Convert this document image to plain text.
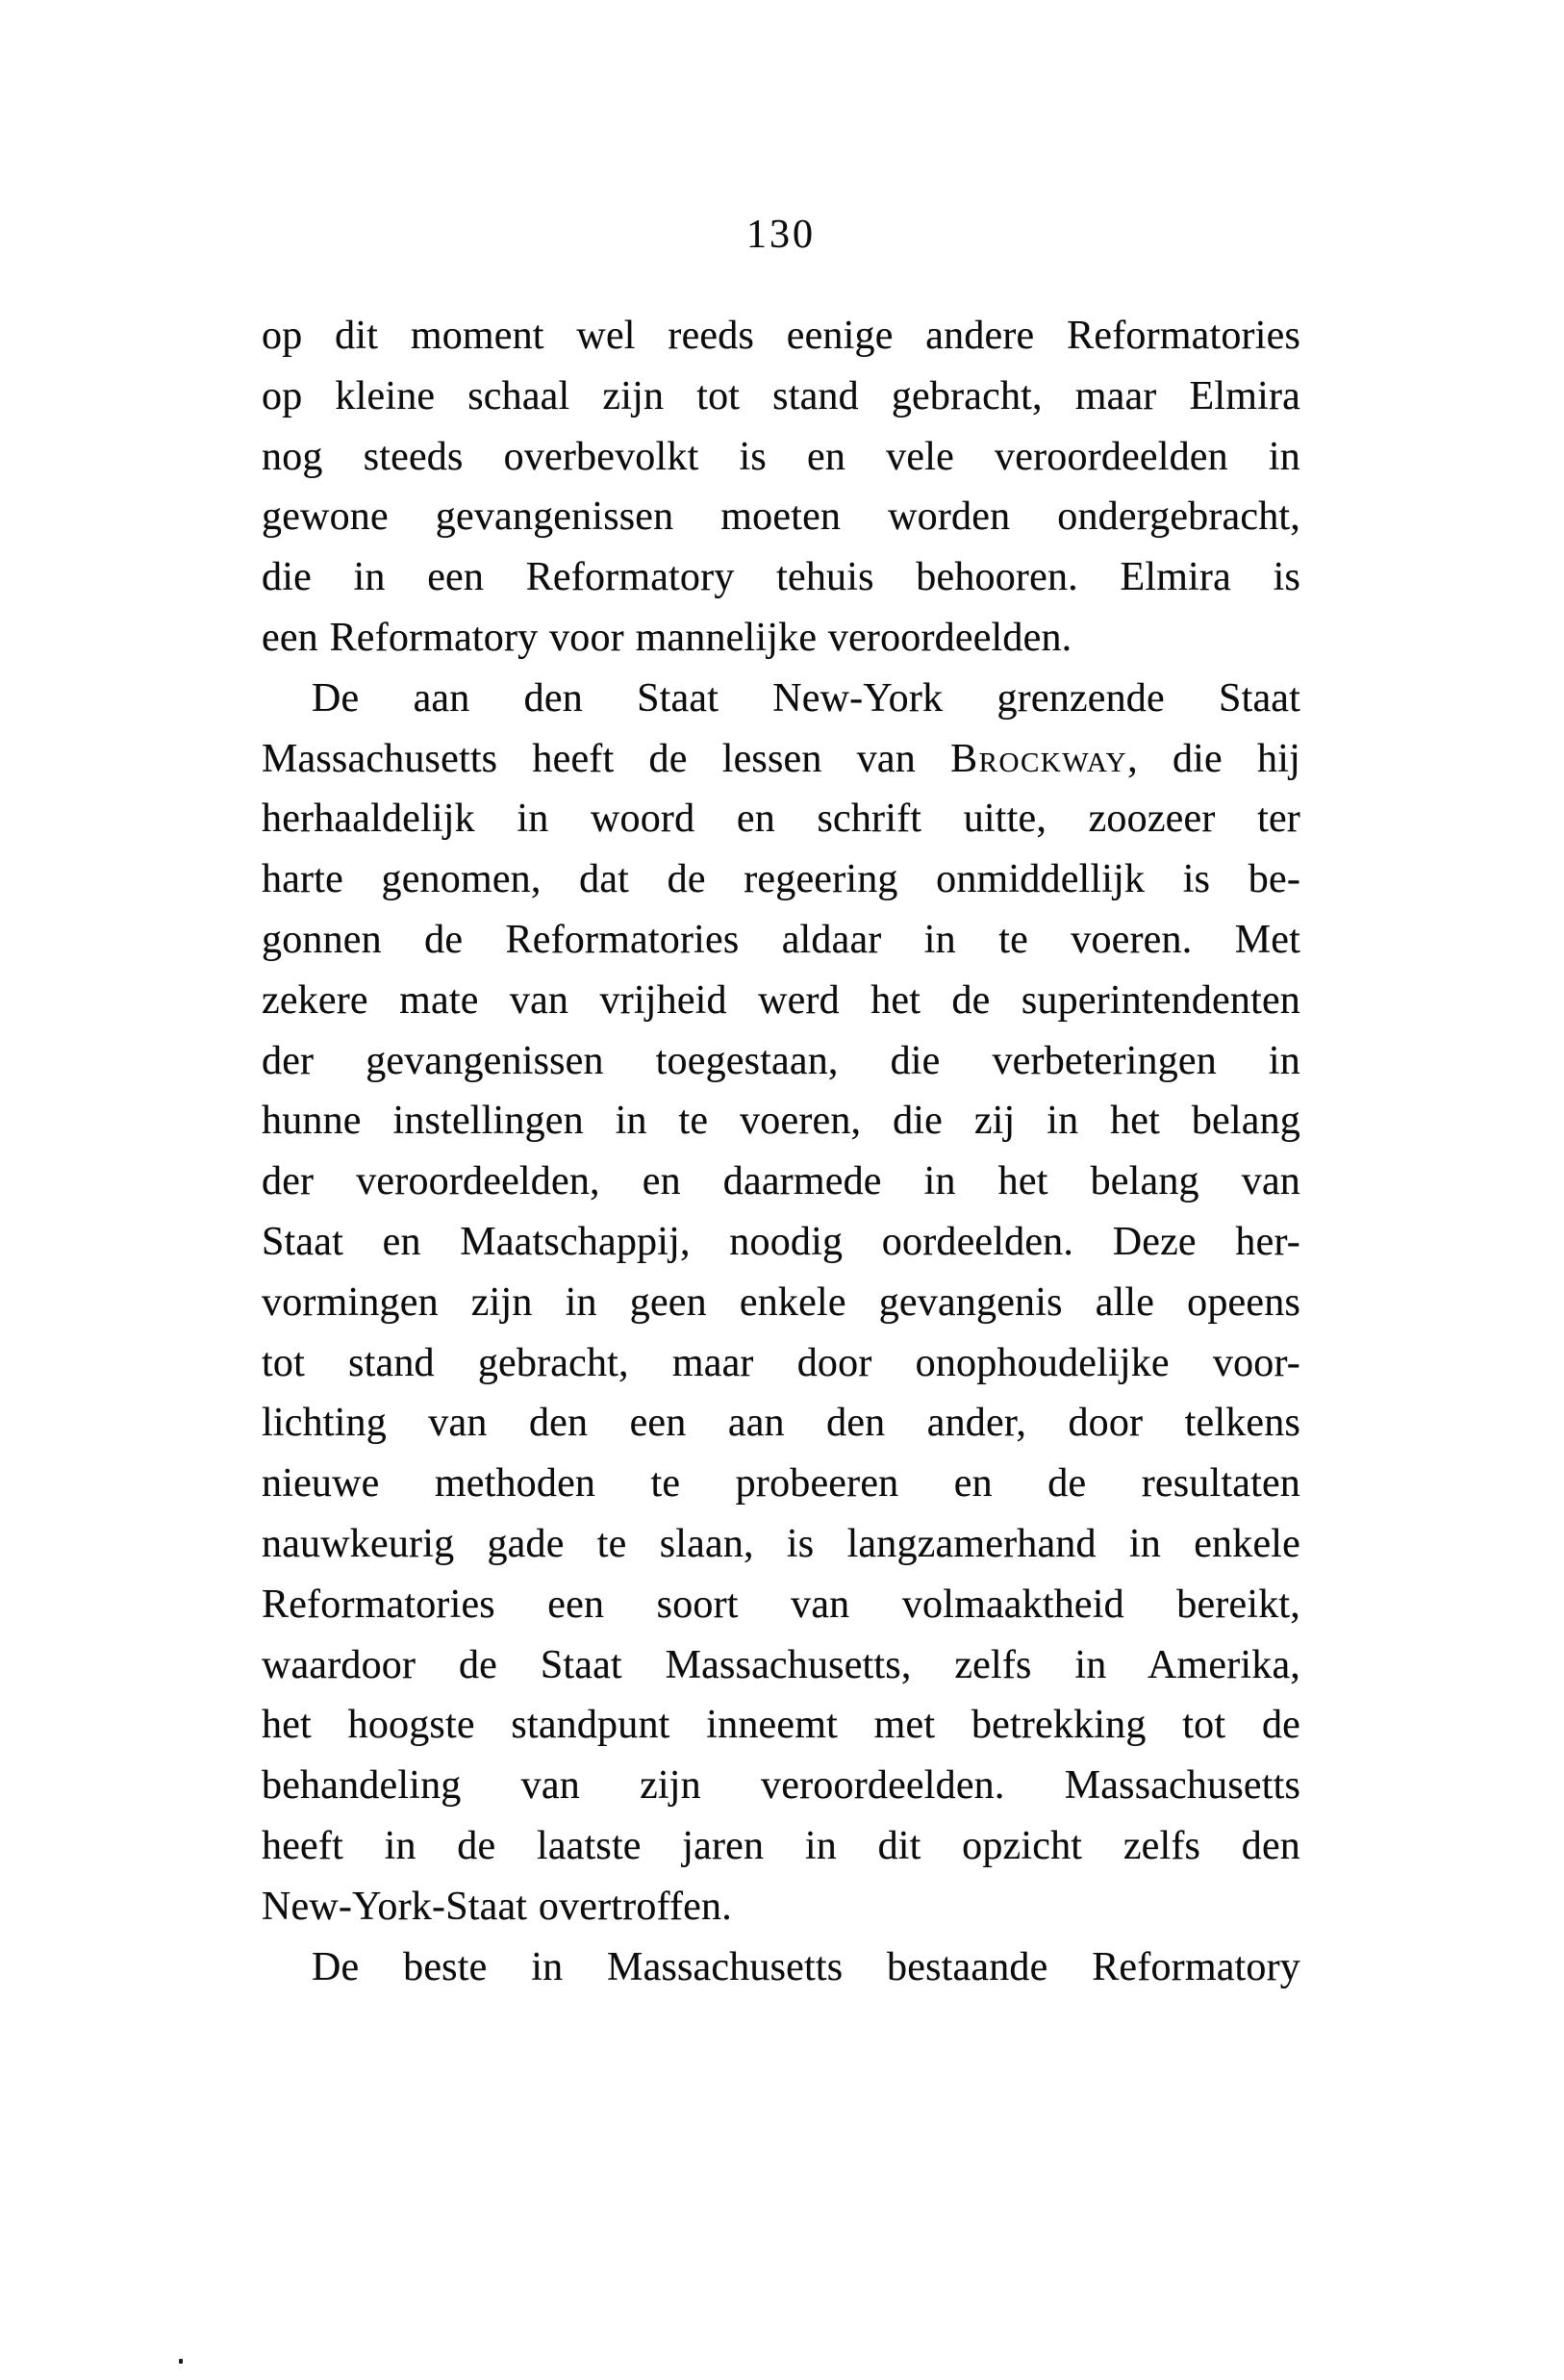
130
op dit moment wel reeds eenige andere Reformatories
op kleine schaal zijn tot stand gebracht, maar Elmira
nog steeds overbevolkt is en vele veroordeelden in
gewone gevangenissen moeten worden ondergebracht,
die in een Reformatory tehuis behooren. Elmira is
een Reformatory voor mannelijke veroordeelden.
De aan den Staat New-York grenzende Staat
Massachusetts heeft de lessen van Brockway, die hij
herhaaldelijk in woord en schrift uitte, zoozeer ter
harte genomen, dat de regeering onmiddellijk is be-
gonnen de Reformatories aldaar in te voeren. Met
zekere mate van vrijheid werd het de superintendenten
der gevangenissen toegestaan, die verbeteringen in
hunne instellingen in te voeren, die zij in het belang
der veroordeelden, en daarmede in het belang van
Staat en Maatschappij, noodig oordeelden. Deze her-
vormingen zijn in geen enkele gevangenis alle opeens
tot stand gebracht, maar door onophoudelijke voor-
lichting van den een aan den ander, door telkens
nieuwe methoden te probeeren en de resultaten
nauwkeurig gade te slaan, is langzamerhand in enkele
Reformatories een soort van volmaaktheid bereikt,
waardoor de Staat Massachusetts, zelfs in Amerika,
het hoogste standpunt inneemt met betrekking tot de
behandeling van zijn veroordeelden. Massachusetts
heeft in de laatste jaren in dit opzicht zelfs den
New-York-Staat overtroffen.
De beste in Massachusetts bestaande Reformatory
